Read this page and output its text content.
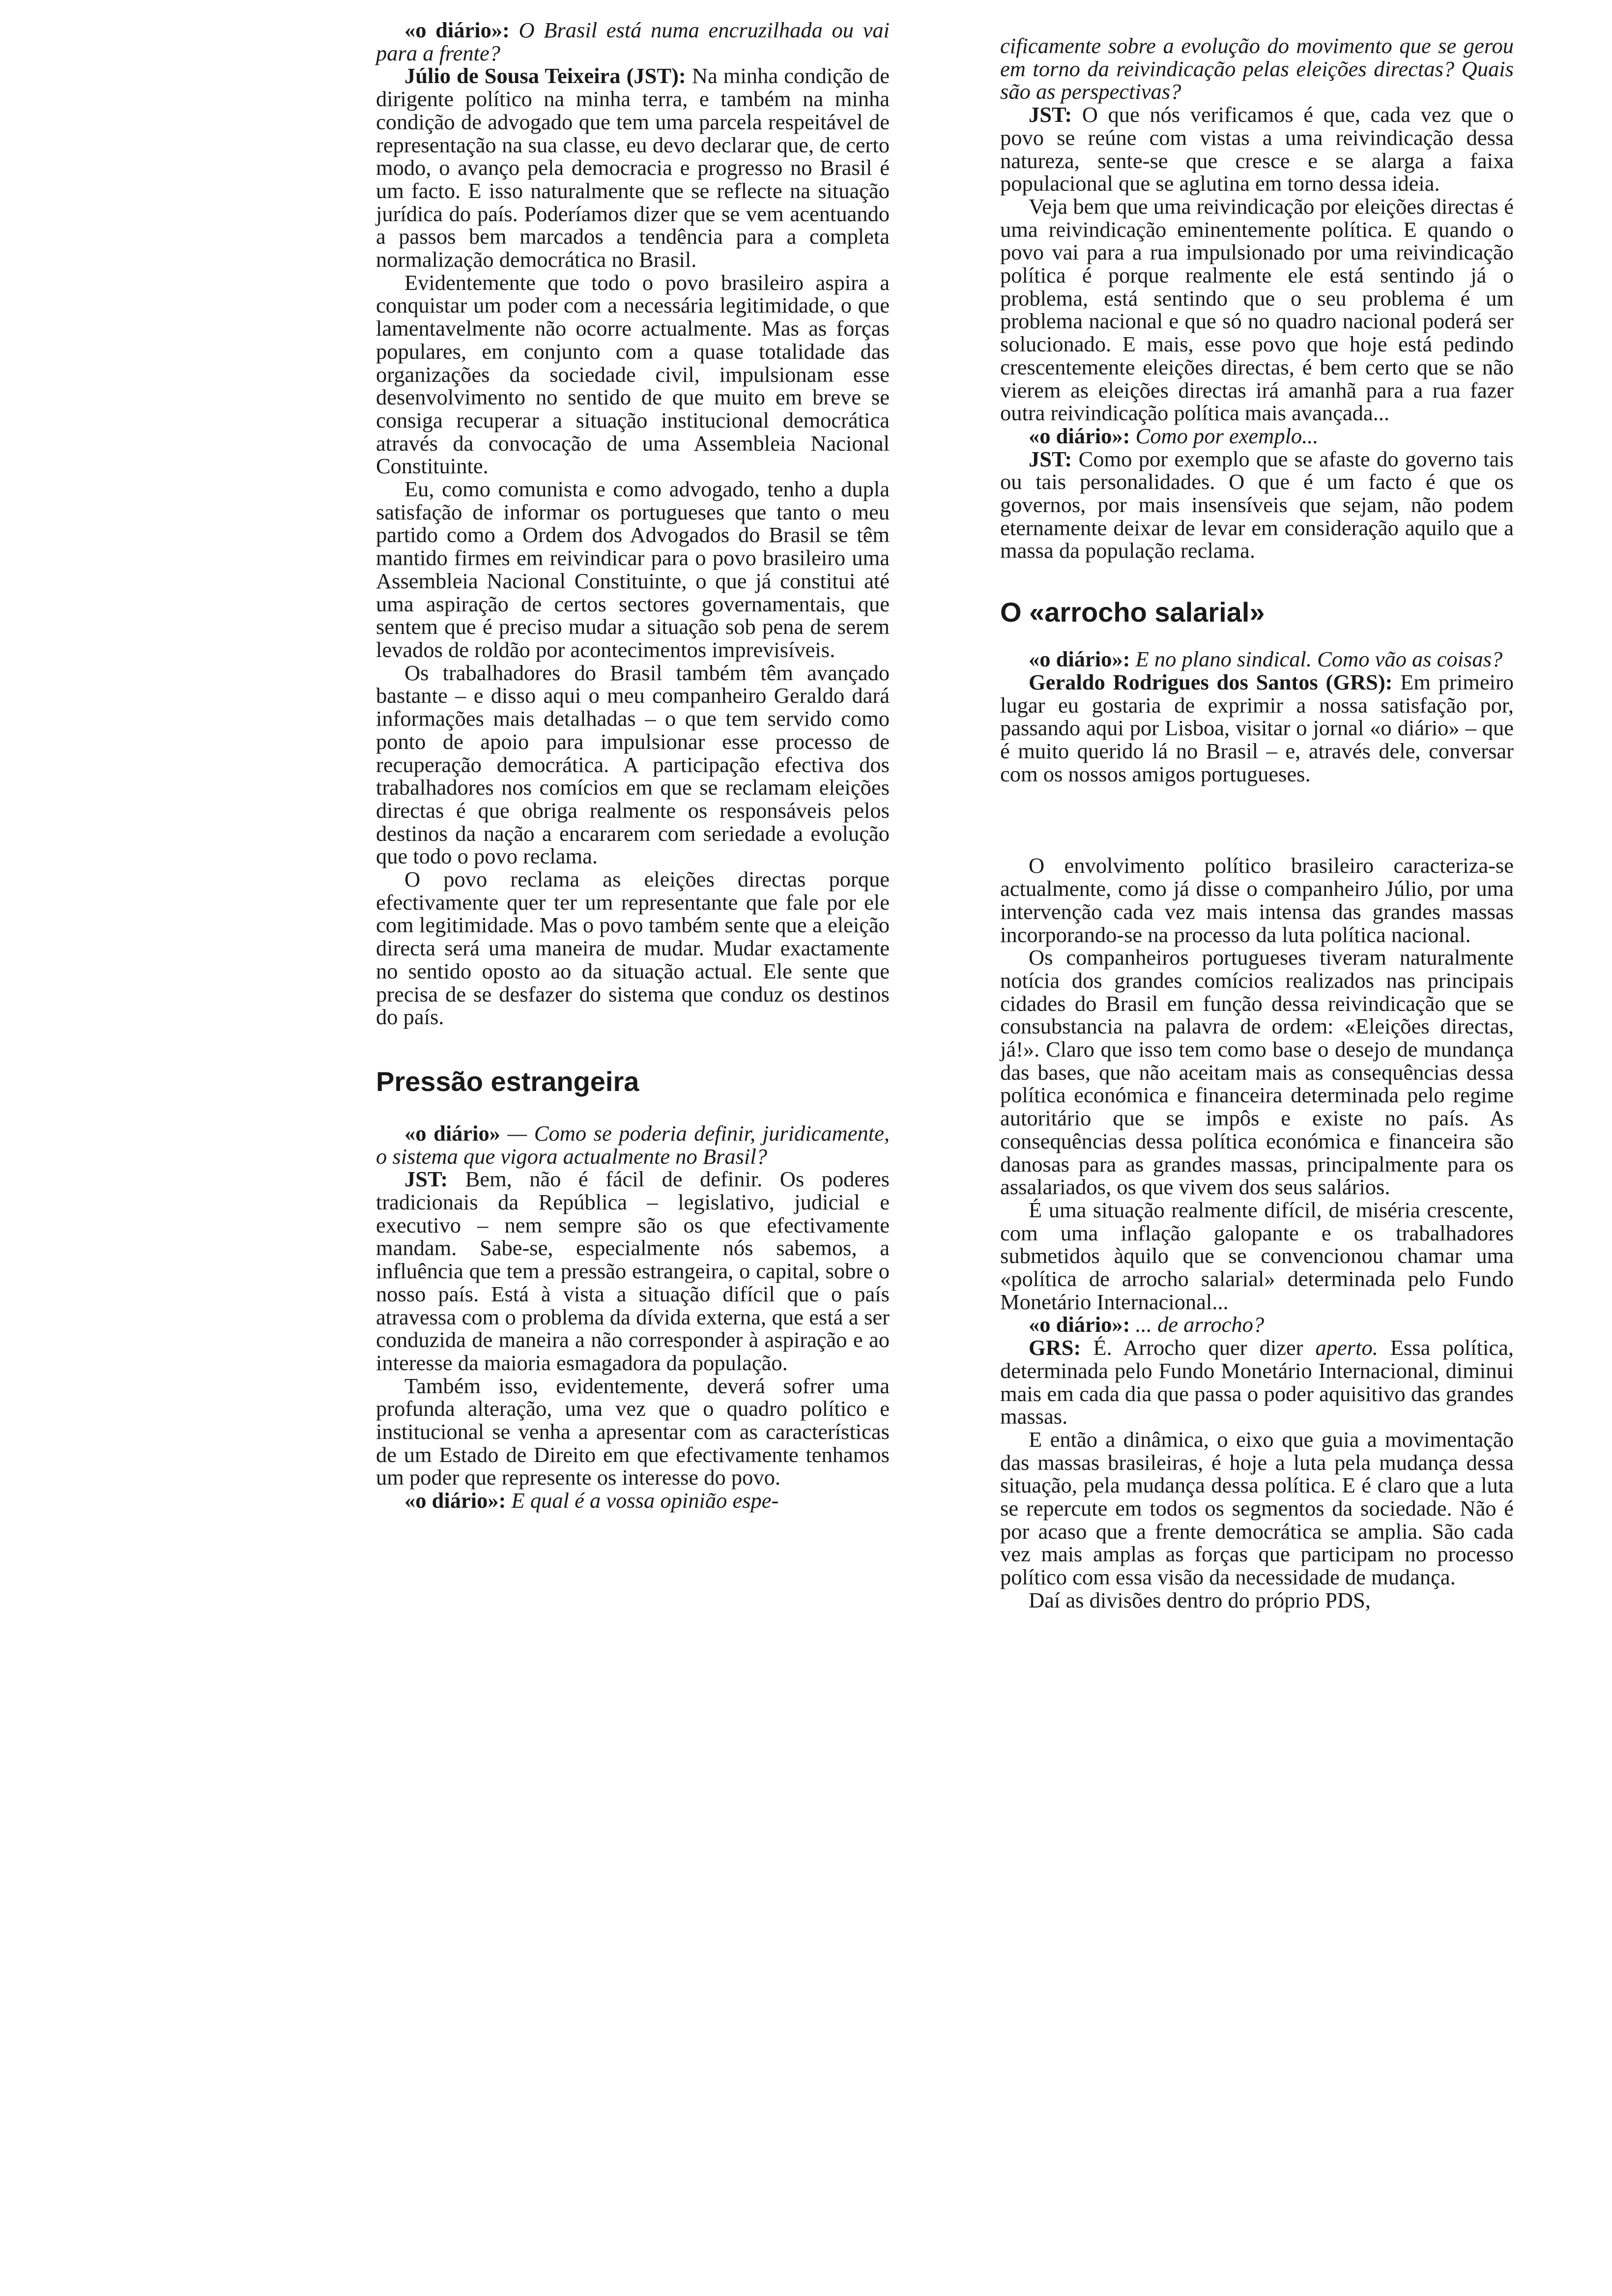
«o diário»: O Brasil está numa encruzilhada ou vai para a frente?

Júlio de Sousa Teixeira (JST): Na minha condição de dirigente político na minha terra, e também na minha condição de advogado que tem uma parcela respeitável de representação na sua classe, eu devo declarar que, de certo modo, o avanço pela democracia e progresso no Brasil é um facto. E isso naturalmente que se reflecte na situação jurídica do país. Poderíamos dizer que se vem acentuando a passos bem marcados a tendência para a completa normalização democrática no Brasil.

Evidentemente que todo o povo brasileiro aspira a conquistar um poder com a necessária legitimidade, o que lamentavelmente não ocorre actualmente. Mas as forças populares, em conjunto com a quase totalidade das organizações da sociedade civil, impulsionam esse desenvolvimento no sentido de que muito em breve se consiga recuperar a situação institucional democrática através da convocação de uma Assembleia Nacional Constituinte.

Eu, como comunista e como advogado, tenho a dupla satisfação de informar os portugueses que tanto o meu partido como a Ordem dos Advogados do Brasil se têm mantido firmes em reivindicar para o povo brasileiro uma Assembleia Nacional Constituinte, o que já constitui até uma aspiração de certos sectores governamentais, que sentem que é preciso mudar a situação sob pena de serem levados de roldão por acontecimentos imprevisíveis.

Os trabalhadores do Brasil também têm avançado bastante – e disso aqui o meu companheiro Geraldo dará informações mais detalhadas – o que tem servido como ponto de apoio para impulsionar esse processo de recuperação democrática. A participação efectiva dos trabalhadores nos comícios em que se reclamam eleições directas é que obriga realmente os responsáveis pelos destinos da nação a encararem com seriedade a evolução que todo o povo reclama.

O povo reclama as eleições directas porque efectivamente quer ter um representante que fale por ele com legitimidade. Mas o povo também sente que a eleição directa será uma maneira de mudar. Mudar exactamente no sentido oposto ao da situação actual. Ele sente que precisa de se desfazer do sistema que conduz os destinos do país.

Pressão estrangeira

«o diário» — Como se poderia definir, juridicamente, o sistema que vigora actualmente no Brasil?

JST: Bem, não é fácil de definir. Os poderes tradicionais da República – legislativo, judicial e executivo – nem sempre são os que efectivamente mandam. Sabe-se, especialmente nós sabemos, a influência que tem a pressão estrangeira, o capital, sobre o nosso país. Está à vista a situação difícil que o país atravessa com o problema da dívida externa, que está a ser conduzida de maneira a não corresponder à aspiração e ao interesse da maioria esmagadora da população.

Também isso, evidentemente, deverá sofrer uma profunda alteração, uma vez que o quadro político e institucional se venha a apresentar com as características de um Estado de Direito em que efectivamente tenhamos um poder que represente os interesse do povo.

«o diário»: E qual é a vossa opinião espe-

cificamente sobre a evolução do movimento que se gerou em torno da reivindicação pelas eleições directas? Quais são as perspectivas?

JST: O que nós verificamos é que, cada vez que o povo se reúne com vistas a uma reivindicação dessa natureza, sente-se que cresce e se alarga a faixa populacional que se aglutina em torno dessa ideia.

Veja bem que uma reivindicação por eleições directas é uma reivindicação eminentemente política. E quando o povo vai para a rua impulsionado por uma reivindicação política é porque realmente ele está sentindo já o problema, está sentindo que o seu problema é um problema nacional e que só no quadro nacional poderá ser solucionado. E mais, esse povo que hoje está pedindo crescentemente eleições directas, é bem certo que se não vierem as eleições directas irá amanhã para a rua fazer outra reivindicação política mais avançada...

«o diário»: Como por exemplo...

JST: Como por exemplo que se afaste do governo tais ou tais personalidades. O que é um facto é que os governos, por mais insensíveis que sejam, não podem eternamente deixar de levar em consideração aquilo que a massa da população reclama.

O «arrocho salarial»

«o diário»: E no plano sindical. Como vão as coisas?

Geraldo Rodrigues dos Santos (GRS): Em primeiro lugar eu gostaria de exprimir a nossa satisfação por, passando aqui por Lisboa, visitar o jornal «o diário» – que é muito querido lá no Brasil – e, através dele, conversar com os nossos amigos portugueses.

O envolvimento político brasileiro caracteriza-se actualmente, como já disse o companheiro Júlio, por uma intervenção cada vez mais intensa das grandes massas incorporando-se na processo da luta política nacional.

Os companheiros portugueses tiveram naturalmente notícia dos grandes comícios realizados nas principais cidades do Brasil em função dessa reivindicação que se consubstancia na palavra de ordem: «Eleições directas, já!». Claro que isso tem como base o desejo de mundança das bases, que não aceitam mais as consequências dessa política económica e financeira determinada pelo regime autoritário que se impôs e existe no país. As consequências dessa política económica e financeira são danosas para as grandes massas, principalmente para os assalariados, os que vivem dos seus salários.

É uma situação realmente difícil, de miséria crescente, com uma inflação galopante e os trabalhadores submetidos àquilo que se convencionou chamar uma «política de arrocho salarial» determinada pelo Fundo Monetário Internacional...

«o diário»: ... de arrocho?

GRS: É. Arrocho quer dizer aperto. Essa política, determinada pelo Fundo Monetário Internacional, diminui mais em cada dia que passa o poder aquisitivo das grandes massas.

E então a dinâmica, o eixo que guia a movimentação das massas brasileiras, é hoje a luta pela mudança dessa situação, pela mudança dessa política. E é claro que a luta se repercute em todos os segmentos da sociedade. Não é por acaso que a frente democrática se amplia. São cada vez mais amplas as forças que participam no processo político com essa visão da necessidade de mudança.

Daí as divisões dentro do próprio PDS,
